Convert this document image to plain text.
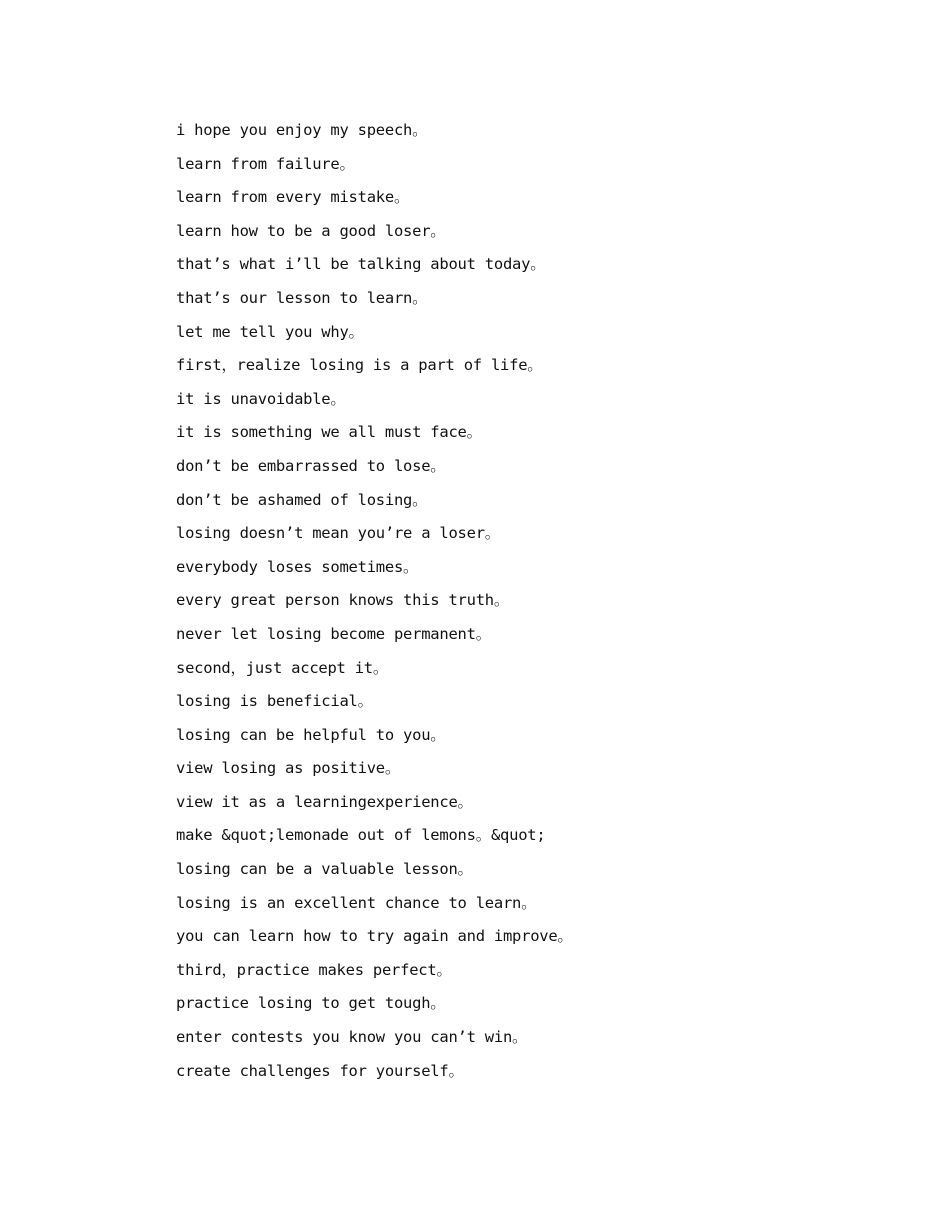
i hope you enjoy my speech。
learn from failure。
learn from every mistake。
learn how to be a good loser。
that’s what i’ll be talking about today。
that’s our lesson to learn。
let me tell you why。
first，realize losing is a part of life。
it is unavoidable。
it is something we all must face。
don’t be embarrassed to lose。
don’t be ashamed of losing。
losing doesn’t mean you’re a loser。
everybody loses sometimes。
every great person knows this truth。
never let losing become permanent。
second，just accept it。
losing is beneficial。
losing can be helpful to you。
view losing as positive。
view it as a learningexperience。
make &quot;lemonade out of lemons。&quot;
losing can be a valuable lesson。
losing is an excellent chance to learn。
you can learn how to try again and improve。
third，practice makes perfect。
practice losing to get tough。
enter contests you know you can’t win。
create challenges for yourself。
